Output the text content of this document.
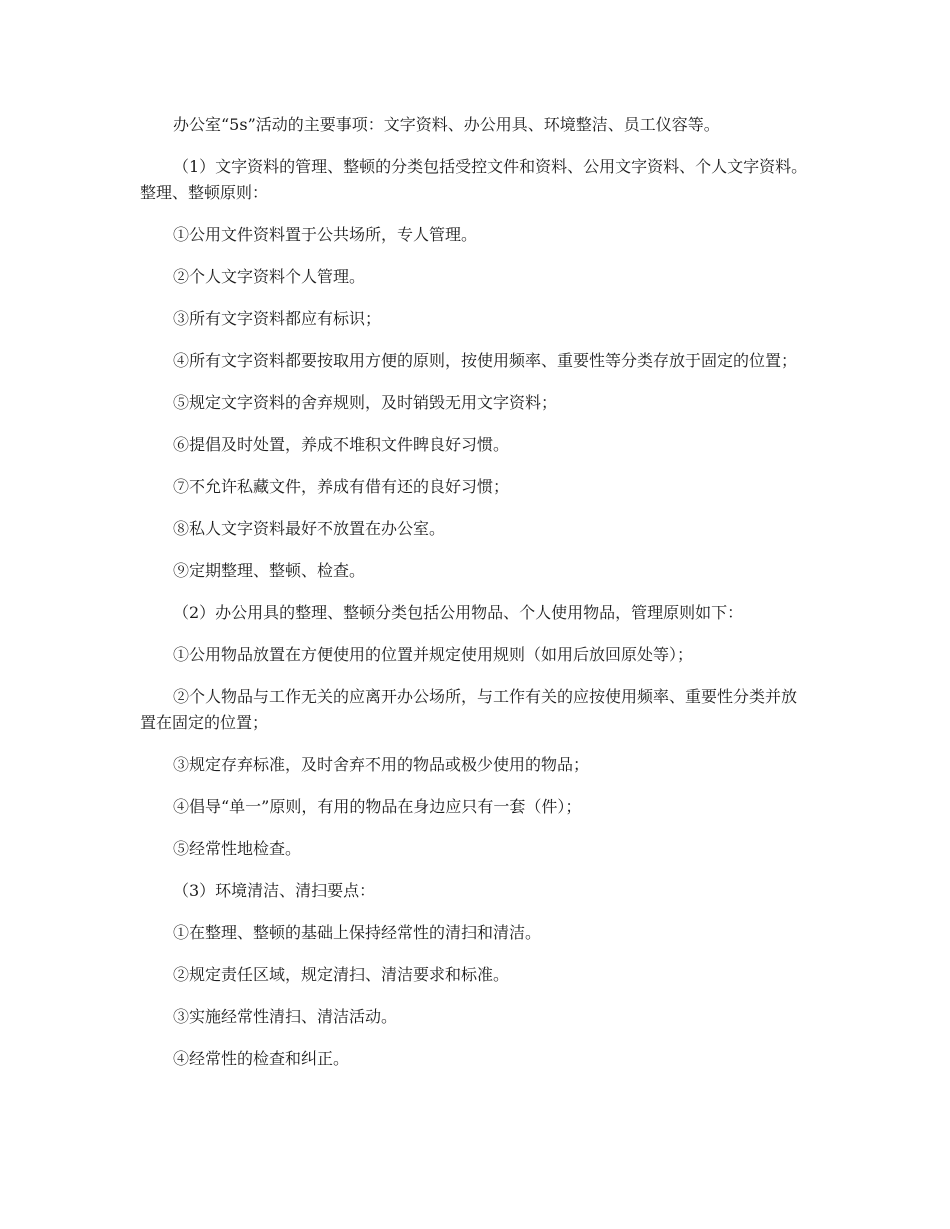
办公室“5s”活动的主要事项：文字资料、办公用具、环境整洁、员工仪容等。

（1）文字资料的管理、整顿的分类包括受控文件和资料、公用文字资料、个人文字资料。整理、整顿原则：

①公用文件资料置于公共场所，专人管理。

②个人文字资料个人管理。

③所有文字资料都应有标识；

④所有文字资料都要按取用方便的原则，按使用频率、重要性等分类存放于固定的位置；

⑤规定文字资料的舍弃规则，及时销毁无用文字资料；

⑥提倡及时处置，养成不堆积文件睥良好习惯。

⑦不允许私藏文件，养成有借有还的良好习惯；

⑧私人文字资料最好不放置在办公室。

⑨定期整理、整顿、检查。

（2）办公用具的整理、整顿分类包括公用物品、个人使用物品，管理原则如下：

①公用物品放置在方便使用的位置并规定使用规则（如用后放回原处等）；

②个人物品与工作无关的应离开办公场所，与工作有关的应按使用频率、重要性分类并放置在固定的位置；

③规定存弃标准，及时舍弃不用的物品或极少使用的物品；

④倡导“单一”原则，有用的物品在身边应只有一套（件）；

⑤经常性地检查。

（3）环境清洁、清扫要点：

①在整理、整顿的基础上保持经常性的清扫和清洁。

②规定责任区域，规定清扫、清洁要求和标准。

③实施经常性清扫、清洁活动。

④经常性的检查和纠正。
